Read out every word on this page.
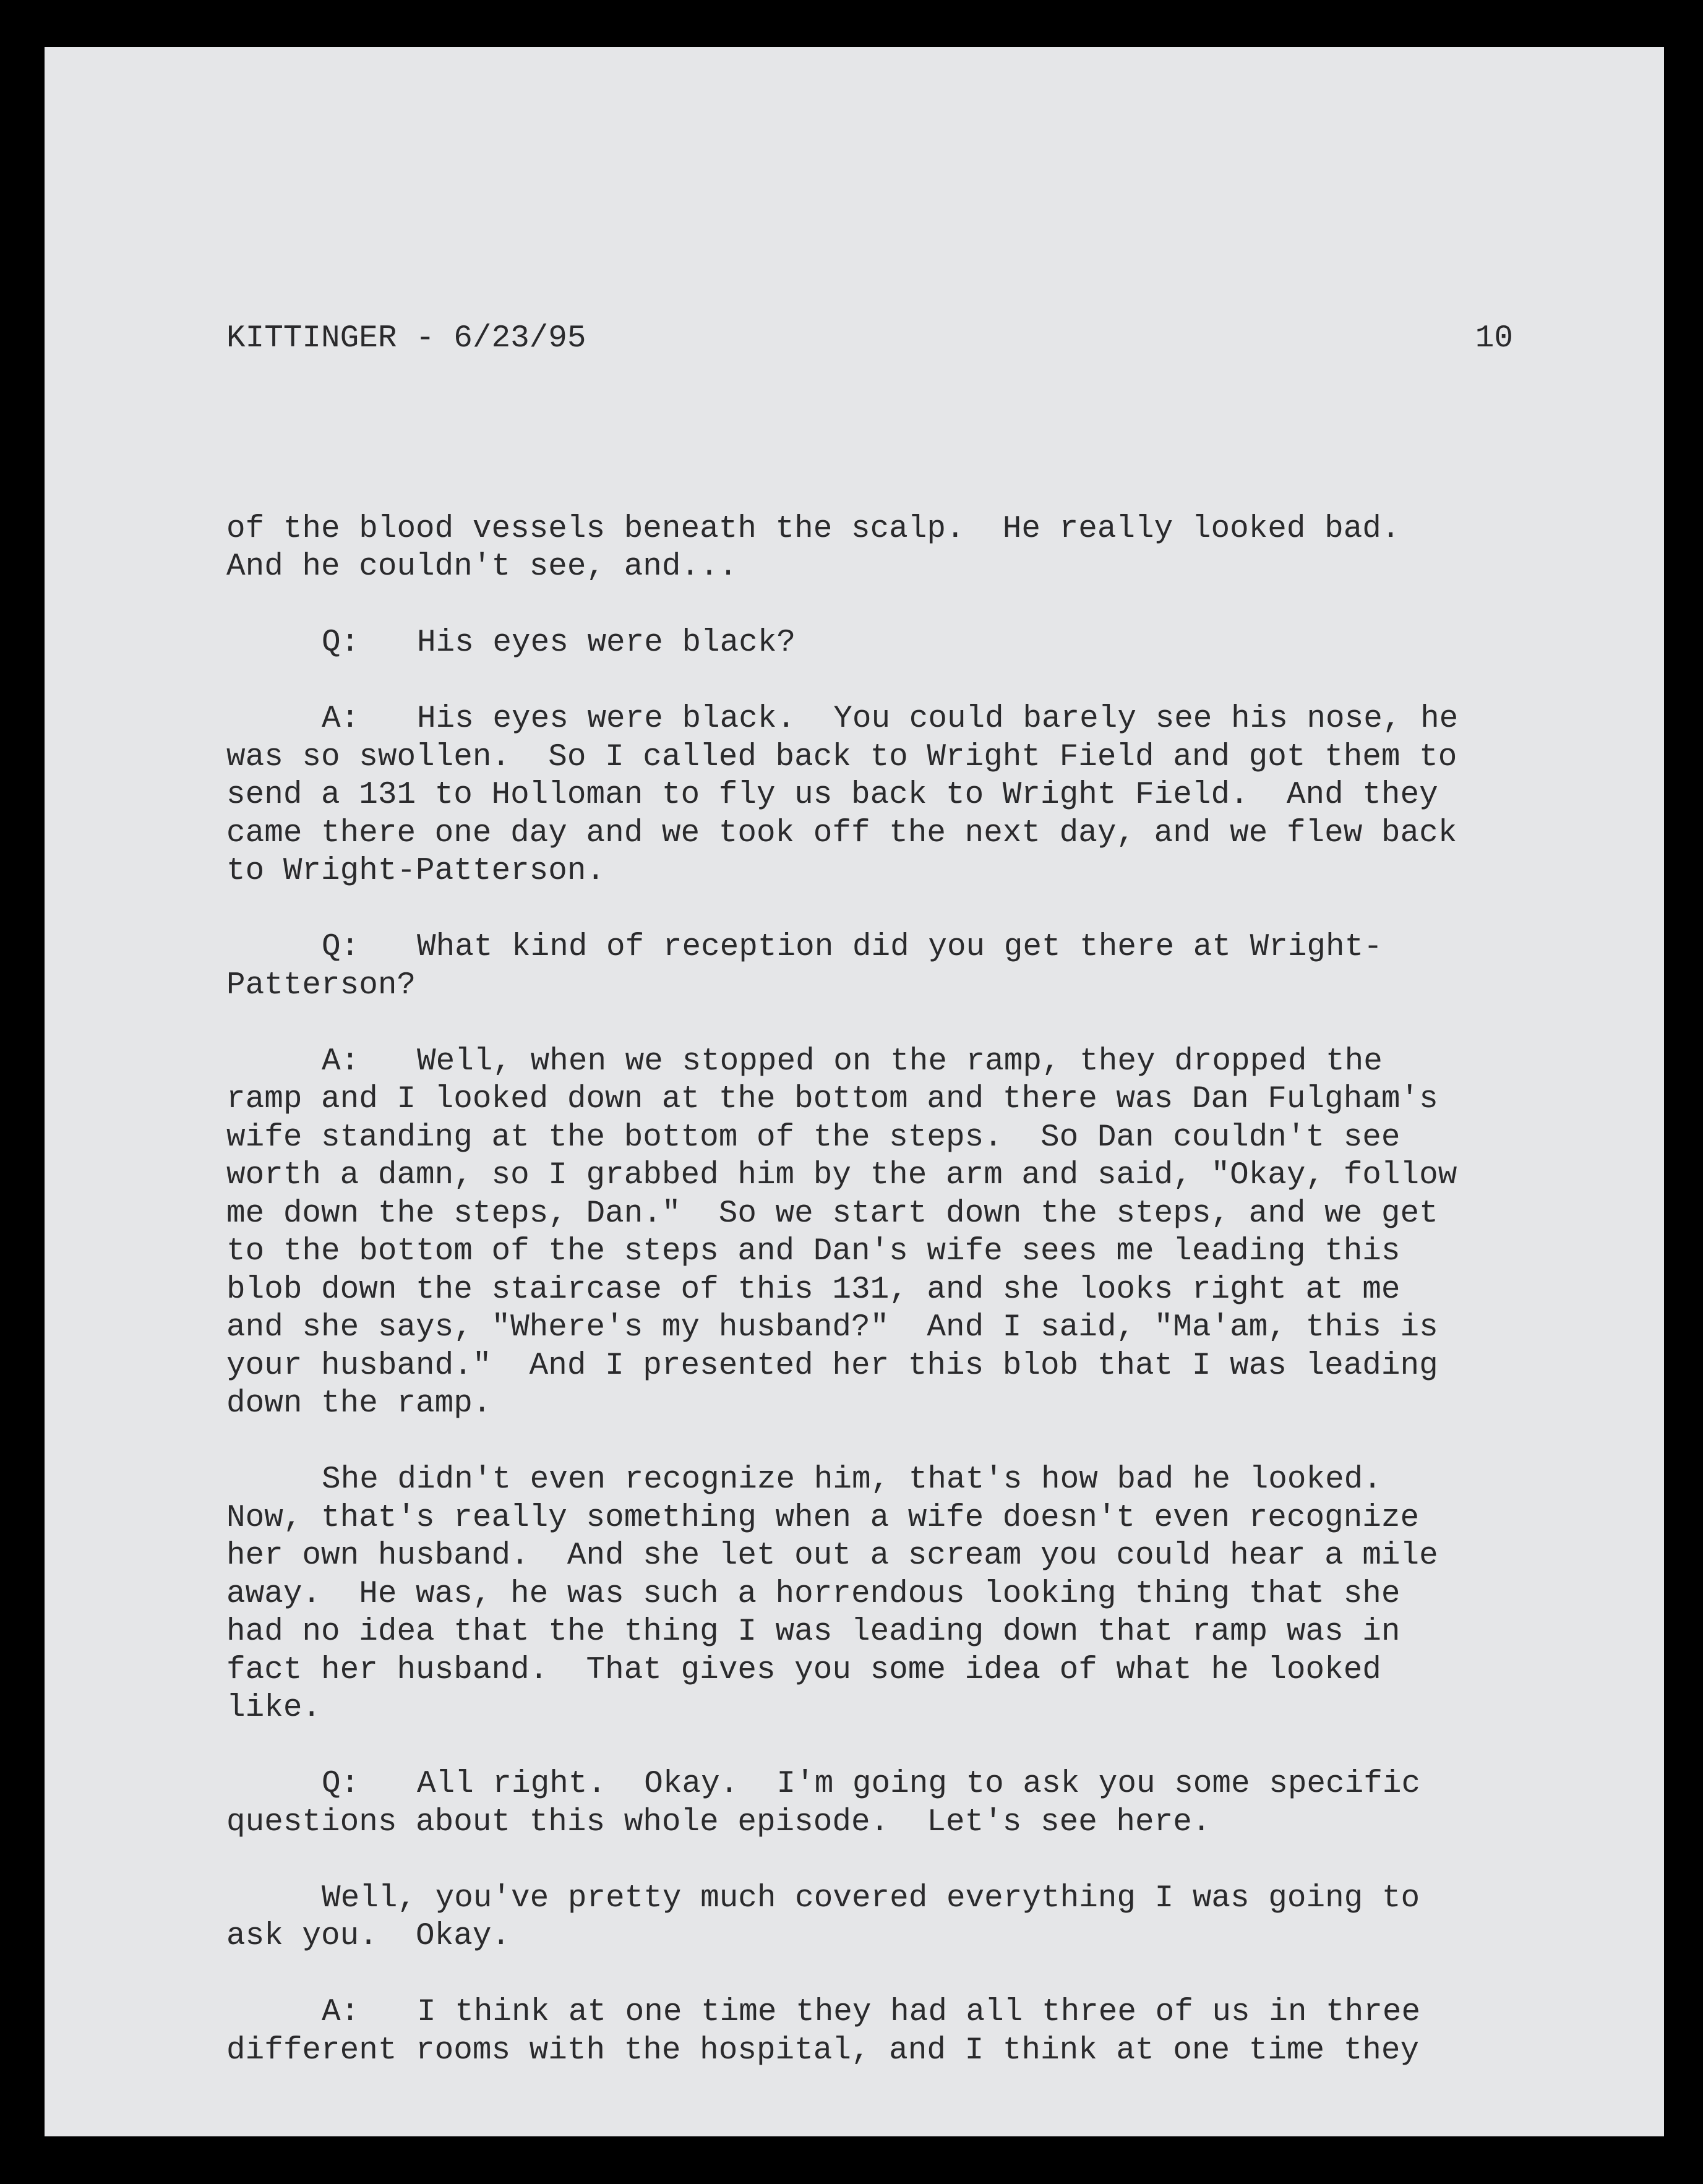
KITTINGER - 6/23/95

	10

of the blood vessels beneath the scalp.  He really looked bad.
And he couldn't see, and...
Q: His eyes were black?
A: His eyes were black.  You could barely see his nose, he
was so swollen.  So I called back to Wright Field and got them to
send a 131 to Holloman to fly us back to Wright Field.  And they
came there one day and we took off the next day, and we flew back
to Wright-Patterson.
Q: What kind of reception did you get there at Wright-
Patterson?
A: Well, when we stopped on the ramp, they dropped the
ramp and I looked down at the bottom and there was Dan Fulgham's
wife standing at the bottom of the steps.  So Dan couldn't see
worth a damn, so I grabbed him by the arm and said, "Okay, follow
me down the steps, Dan."  So we start down the steps, and we get
to the bottom of the steps and Dan's wife sees me leading this
blob down the staircase of this 131, and she looks right at me
and she says, "Where's my husband?"  And I said, "Ma'am, this is
your husband."  And I presented her this blob that I was leading
down the ramp.
She didn't even recognize him, that's how bad he looked.
Now, that's really something when a wife doesn't even recognize
her own husband.  And she let out a scream you could hear a mile
away.  He was, he was such a horrendous looking thing that she
had no idea that the thing I was leading down that ramp was in
fact her husband.  That gives you some idea of what he looked
like.
Q: All right.  Okay.  I'm going to ask you some specific
questions about this whole episode.  Let's see here.
Well, you've pretty much covered everything I was going to
ask you.  Okay.
A: I think at one time they had all three of us in three
different rooms with the hospital, and I think at one time they
